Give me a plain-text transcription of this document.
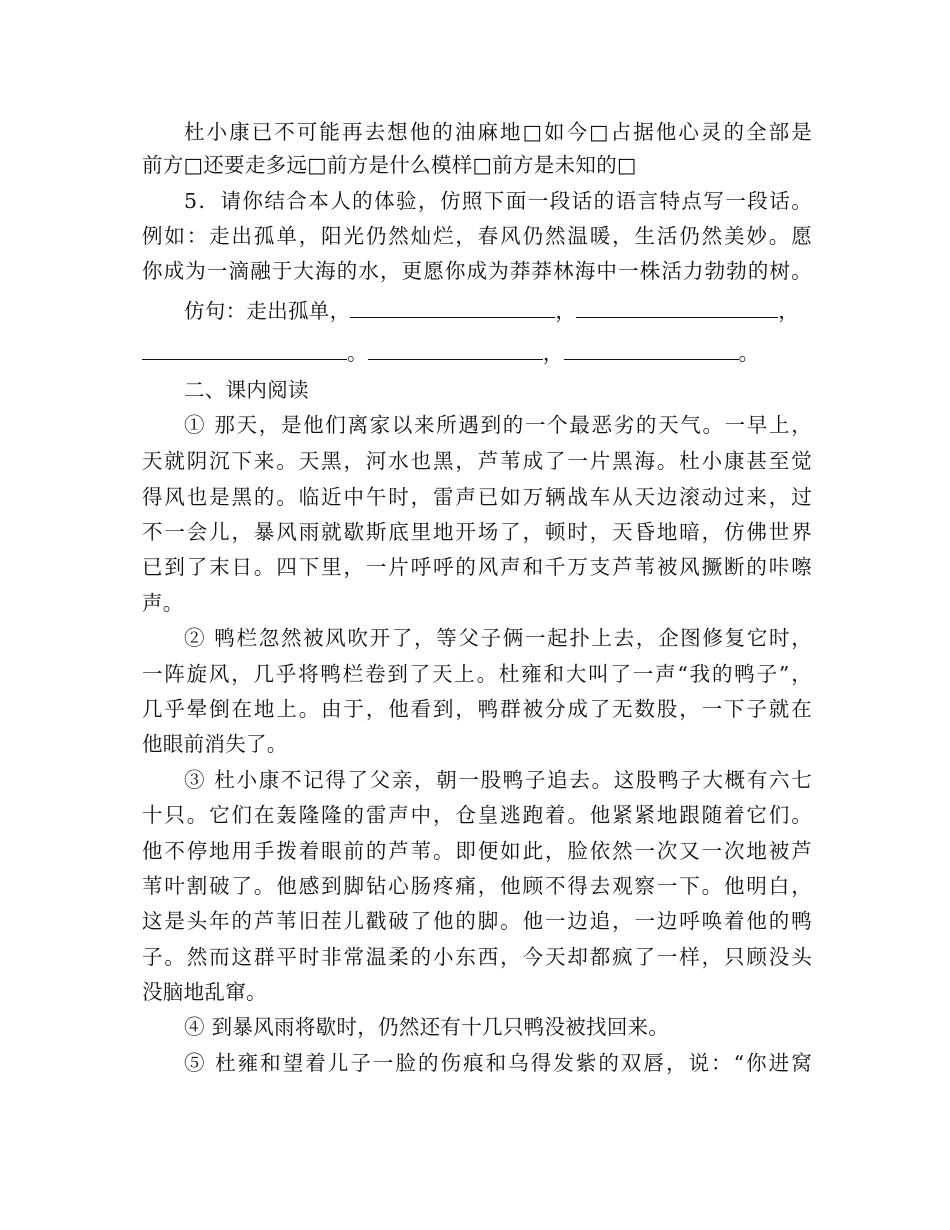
杜小康已不可能再去想他的油麻地□如今□占据他心灵的全部是
前方□还要走多远□前方是什么模样□前方是未知的□
5．请你结合本人的体验，仿照下面一段话的语言特点写一段话。
例如：走出孤单，阳光仍然灿烂，春风仍然温暖，生活仍然美妙。愿
你成为一滴融于大海的水，更愿你成为莽莽林海中一株活力勃勃的树。
仿句：走出孤单，	，	，
。	，	。
二、课内阅读
① 那天，是他们离家以来所遇到的一个最恶劣的天气。一早上，
天就阴沉下来。天黑，河水也黑，芦苇成了一片黑海。杜小康甚至觉
得风也是黑的。临近中午时，雷声已如万辆战车从天边滚动过来，过
不一会儿，暴风雨就歇斯底里地开场了，顿时，天昏地暗，仿佛世界
已到了末日。四下里，一片呼呼的风声和千万支芦苇被风撅断的咔嚓
声。
② 鸭栏忽然被风吹开了，等父子俩一起扑上去，企图修复它时，
一阵旋风，几乎将鸭栏卷到了天上。杜雍和大叫了一声“我的鸭子”，
几乎晕倒在地上。由于，他看到，鸭群被分成了无数股，一下子就在
他眼前消失了。
③ 杜小康不记得了父亲，朝一股鸭子追去。这股鸭子大概有六七
十只。它们在轰隆隆的雷声中，仓皇逃跑着。他紧紧地跟随着它们。
他不停地用手拨着眼前的芦苇。即便如此，脸依然一次又一次地被芦
苇叶割破了。他感到脚钻心肠疼痛，他顾不得去观察一下。他明白，
这是头年的芦苇旧茬儿戳破了他的脚。他一边追，一边呼唤着他的鸭
子。然而这群平时非常温柔的小东西，今天却都疯了一样，只顾没头
没脑地乱窜。
④ 到暴风雨将歇时，仍然还有十几只鸭没被找回来。
⑤ 杜雍和望着儿子一脸的伤痕和乌得发紫的双唇，说：“你进窝
